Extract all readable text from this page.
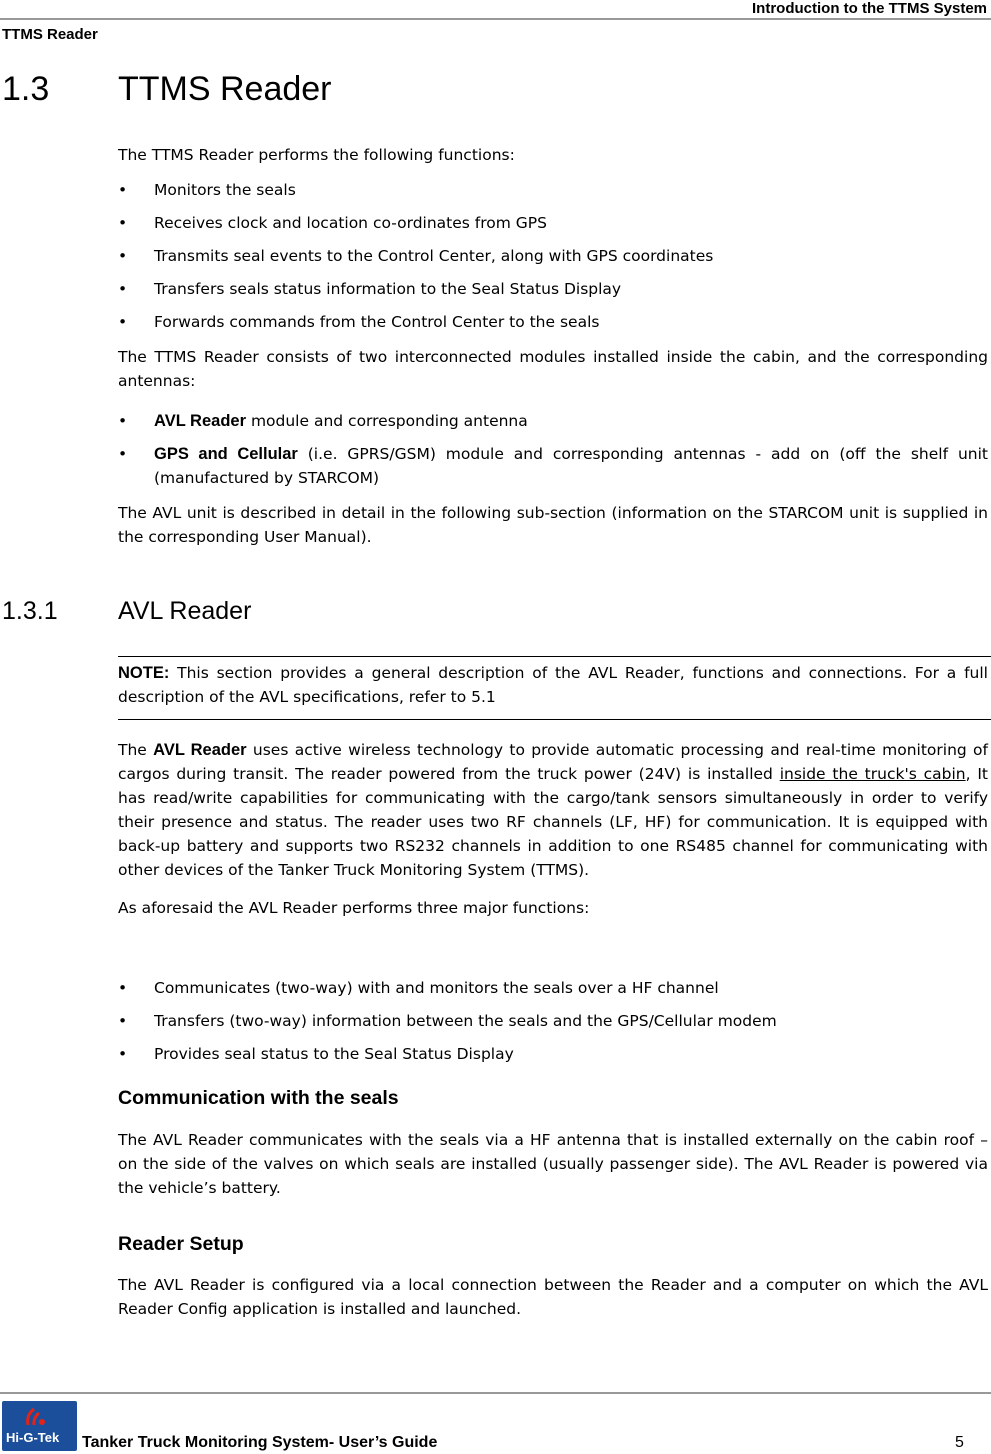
Introduction to the TTMS System
TTMS Reader
1.3 TTMS Reader
The TTMS Reader performs the following functions:
•	Monitors the seals
•	Receives clock and location co-ordinates from GPS
•	Transmits seal events to the Control Center, along with GPS coordinates
•	Transfers seals status information to the Seal Status Display
•	Forwards commands from the Control Center to the seals
The TTMS Reader consists of two interconnected modules installed inside the cabin, and the corresponding antennas:
•	AVL Reader module and corresponding antenna
•	GPS and Cellular (i.e. GPRS/GSM) module and corresponding antennas - add on (off the shelf unit (manufactured by STARCOM)
The AVL unit is described in detail in the following sub-section (information on the STARCOM unit is supplied in the corresponding User Manual).
1.3.1 AVL Reader
NOTE: This section provides a general description of the AVL Reader, functions and connections. For a full description of the AVL specifications, refer to 5.1
The AVL Reader uses active wireless technology to provide automatic processing and real-time monitoring of cargos during transit. The reader powered from the truck power (24V) is installed inside the truck's cabin, It has read/write capabilities for communicating with the cargo/tank sensors simultaneously in order to verify their presence and status. The reader uses two RF channels (LF, HF) for communication. It is equipped with back-up battery and supports two RS232 channels in addition to one RS485 channel for communicating with other devices of the Tanker Truck Monitoring System (TTMS).
As aforesaid the AVL Reader performs three major functions:
•	Communicates (two-way) with and monitors the seals over a HF channel
•	Transfers (two-way) information between the seals and the GPS/Cellular modem
•	Provides seal status to the Seal Status Display
Communication with the seals
The AVL Reader communicates with the seals via a HF antenna that is installed externally on the cabin roof – on the side of the valves on which seals are installed (usually passenger side). The AVL Reader is powered via the vehicle’s battery.
Reader Setup
The AVL Reader is configured via a local connection between the Reader and a computer on which the AVL Reader Config application is installed and launched.
Hi-G-Tek Tanker Truck Monitoring System- User’s Guide	5
